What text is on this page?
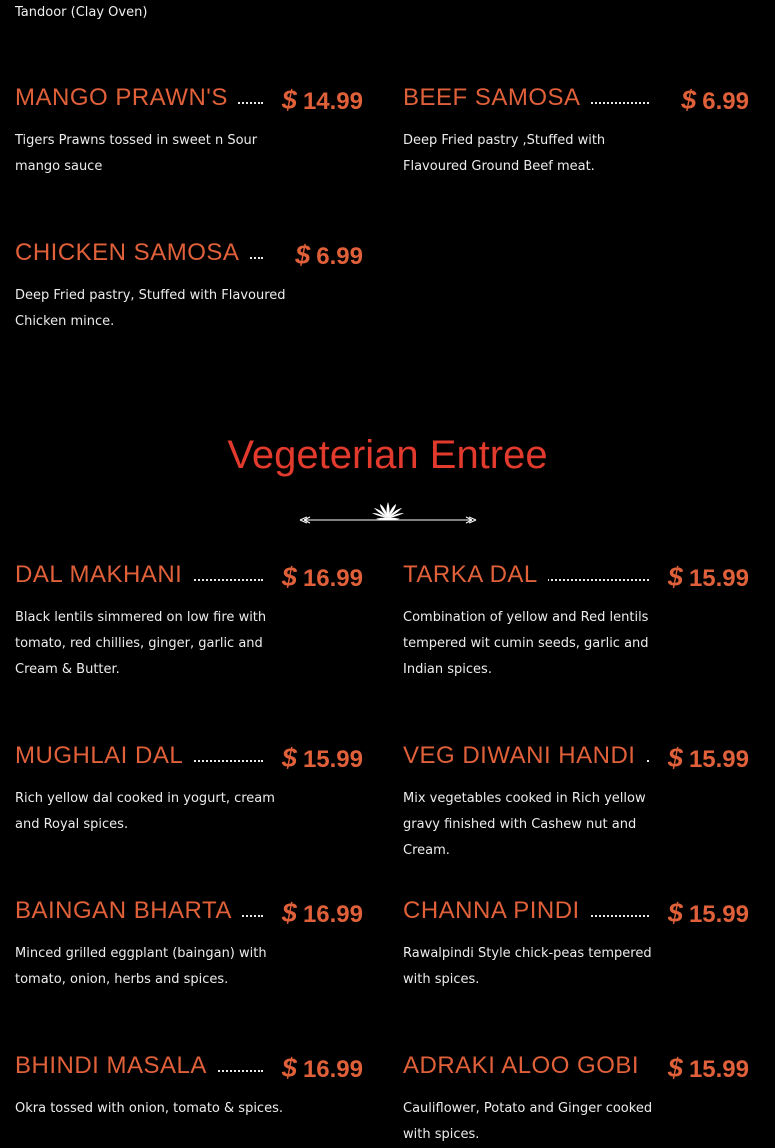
Tandoor (Clay Oven)
MANGO PRAWN'S	$ 14.99
Tigers Prawns tossed in sweet n Sour mango sauce
BEEF SAMOSA	$ 6.99
Deep Fried pastry ,Stuffed with Flavoured Ground Beef meat.
CHICKEN SAMOSA	$ 6.99
Deep Fried pastry, Stuffed with Flavoured Chicken mince.
Vegeterian Entree
DAL MAKHANI	$ 16.99
Black lentils simmered on low fire with tomato, red chillies, ginger, garlic and Cream & Butter.
TARKA DAL	$ 15.99
Combination of yellow and Red lentils tempered wit cumin seeds, garlic and Indian spices.
MUGHLAI DAL	$ 15.99
Rich yellow dal cooked in yogurt, cream and Royal spices.
VEG DIWANI HANDI	$ 15.99
Mix vegetables cooked in Rich yellow gravy finished with Cashew nut and Cream.
BAINGAN BHARTA	$ 16.99
Minced grilled eggplant (baingan) with tomato, onion, herbs and spices.
CHANNA PINDI	$ 15.99
Rawalpindi Style chick-peas tempered with spices.
BHINDI MASALA	$ 16.99
Okra tossed with onion, tomato & spices.
ADRAKI ALOO GOBI	$ 15.99
Cauliflower, Potato and Ginger cooked with spices.
